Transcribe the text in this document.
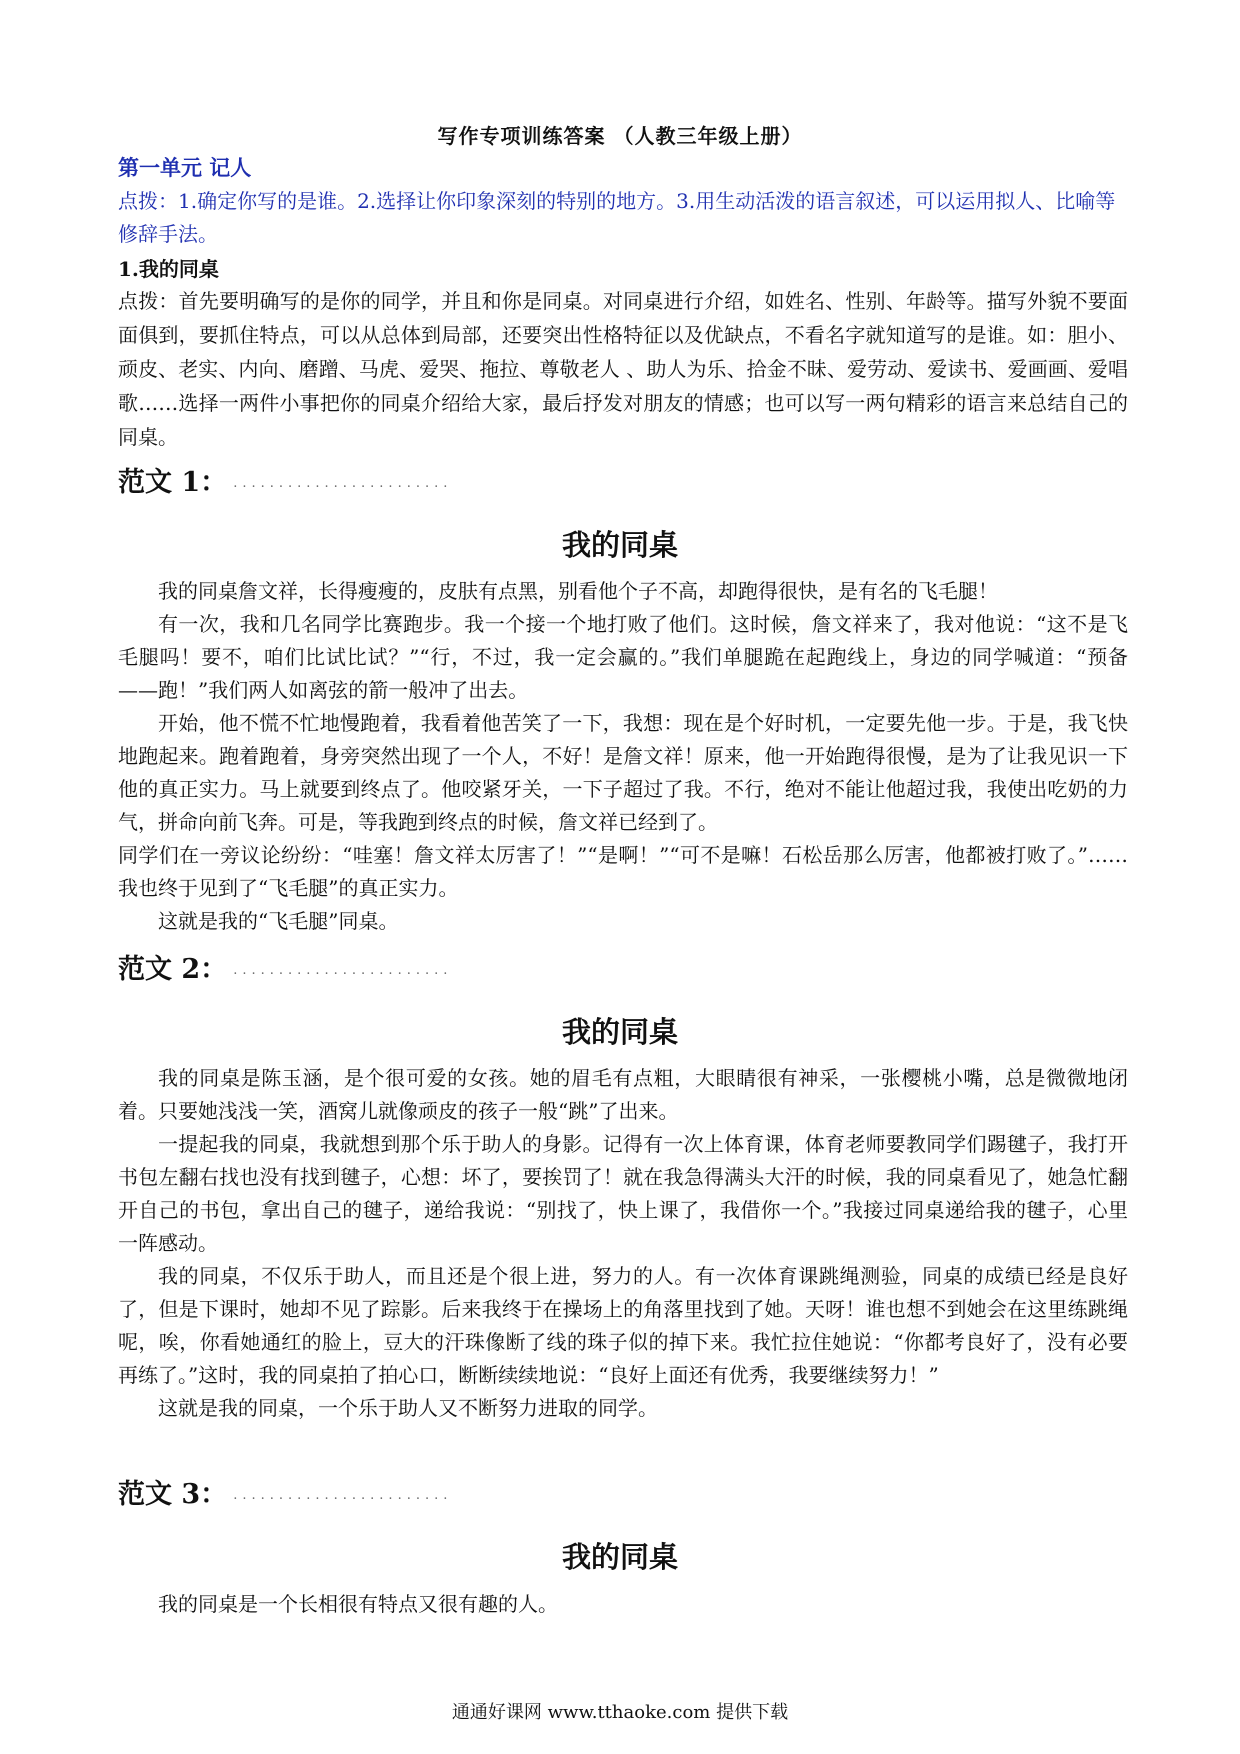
写作专项训练答案 （人教三年级上册）
第一单元 记人
点拨：1.确定你写的是谁。2.选择让你印象深刻的特别的地方。3.用生动活泼的语言叙述，可以运用拟人、比喻等修辞手法。
1.我的同桌
点拨：首先要明确写的是你的同学，并且和你是同桌。对同桌进行介绍，如姓名、性别、年龄等。描写外貌不要面面俱到，要抓住特点，可以从总体到局部，还要突出性格特征以及优缺点，不看名字就知道写的是谁。如：胆小、顽皮、老实、内向、磨蹭、马虎、爱哭、拖拉、尊敬老人 、助人为乐、拾金不昧、爱劳动、爱读书、爱画画、爱唱歌……选择一两件小事把你的同桌介绍给大家，最后抒发对朋友的情感；也可以写一两句精彩的语言来总结自己的同桌。
范文 1： ........................
我的同桌

我的同桌詹文祥，长得瘦瘦的，皮肤有点黑，别看他个子不高，却跑得很快，是有名的飞毛腿！

有一次，我和几名同学比赛跑步。我一个接一个地打败了他们。这时候，詹文祥来了，我对他说：“这不是飞毛腿吗！要不，咱们比试比试？”“行，不过，我一定会赢的。”我们单腿跪在起跑线上，身边的同学喊道：“预备——跑！”我们两人如离弦的箭一般冲了出去。

开始，他不慌不忙地慢跑着，我看着他苦笑了一下，我想：现在是个好时机，一定要先他一步。于是，我飞快地跑起来。跑着跑着，身旁突然出现了一个人，不好！是詹文祥！原来，他一开始跑得很慢，是为了让我见识一下他的真正实力。马上就要到终点了。他咬紧牙关，一下子超过了我。不行，绝对不能让他超过我，我使出吃奶的力气，拼命向前飞奔。可是，等我跑到终点的时候，詹文祥已经到了。

同学们在一旁议论纷纷：“哇塞！詹文祥太厉害了！”“是啊！”“可不是嘛！石松岳那么厉害，他都被打败了。”……我也终于见到了“飞毛腿”的真正实力。

这就是我的“飞毛腿”同桌。

范文 2： ........................
我的同桌

我的同桌是陈玉涵，是个很可爱的女孩。她的眉毛有点粗，大眼睛很有神采，一张樱桃小嘴，总是微微地闭着。只要她浅浅一笑，酒窝儿就像顽皮的孩子一般“跳”了出来。

一提起我的同桌，我就想到那个乐于助人的身影。记得有一次上体育课，体育老师要教同学们踢毽子，我打开书包左翻右找也没有找到毽子，心想：坏了，要挨罚了！就在我急得满头大汗的时候，我的同桌看见了，她急忙翻开自己的书包，拿出自己的毽子，递给我说：“别找了，快上课了，我借你一个。”我接过同桌递给我的毽子，心里一阵感动。

我的同桌，不仅乐于助人，而且还是个很上进，努力的人。有一次体育课跳绳测验，同桌的成绩已经是良好了，但是下课时，她却不见了踪影。后来我终于在操场上的角落里找到了她。天呀！谁也想不到她会在这里练跳绳呢，唉，你看她通红的脸上，豆大的汗珠像断了线的珠子似的掉下来。我忙拉住她说：“你都考良好了，没有必要再练了。”这时，我的同桌拍了拍心口，断断续续地说：“良好上面还有优秀，我要继续努力！”

这就是我的同桌，一个乐于助人又不断努力进取的同学。

范文 3： ........................
我的同桌

我的同桌是一个长相很有特点又很有趣的人。

通通好课网 www.tthaoke.com 提供下载
